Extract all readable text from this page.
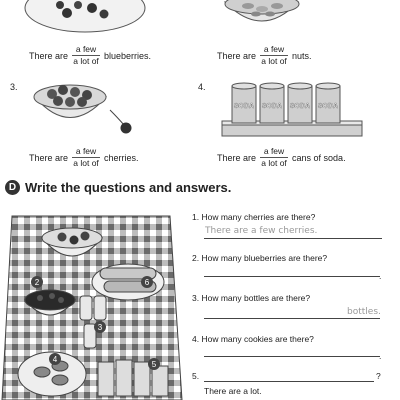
SODA SODA SODA SODA
There are
a few
a lot of
blueberries.	There are
a few
a lot of
nuts.
3.	4.
There are
a few
a lot of
cherries.	There are
a few
a lot of
cans of soda.
D Write the questions and answers.
2
3
4
5
6
1. How many cherries are there?
There are a few cherries.
2. How many blueberries are there?
.
3. How many bottles are there?
bottles.
4. How many cookies are there?
.
5.	?
There are a lot.
